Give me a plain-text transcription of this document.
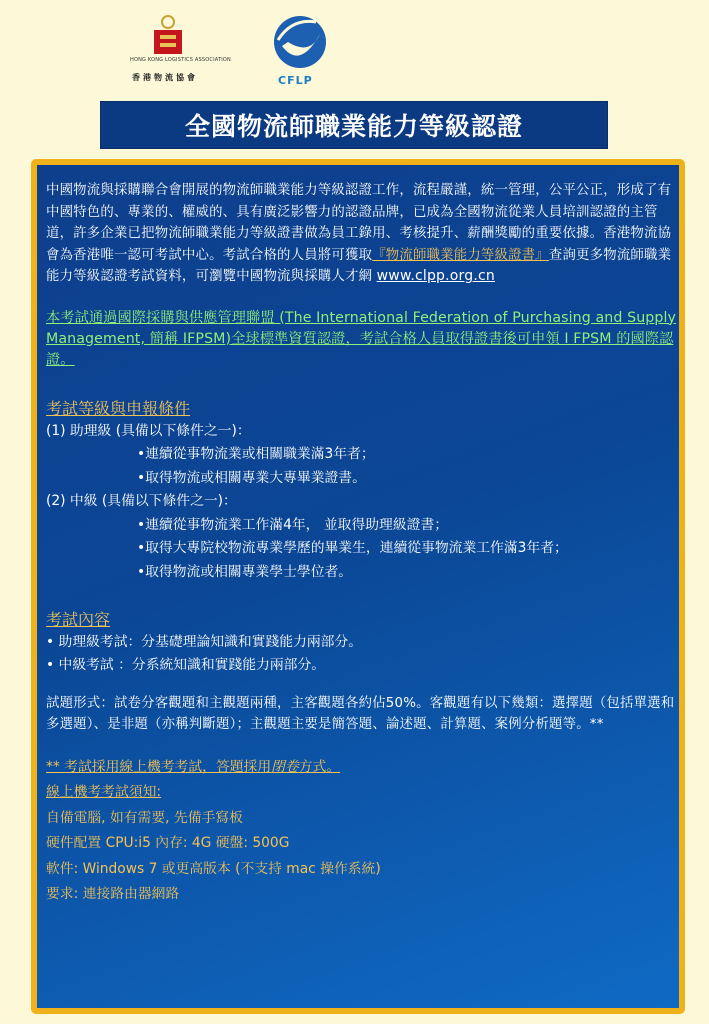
HONG KONG LOGISTICS ASSOCIATION
香港物流協會	CFLP
全國物流師職業能力等級認證

中國物流與採購聯合會開展的物流師職業能力等級認證工作，流程嚴謹，統一管理，公平公正，形成了有中國特色的、專業的、權威的、具有廣泛影響力的認證品牌，已成為全國物流從業人員培訓認證的主管道，許多企業已把物流師職業能力等級證書做為員工錄用、考核提升、薪酬獎勵的重要依據。香港物流協會為香港唯一認可考試中心。考試合格的人員將可獲取『物流師職業能力等級證書』查詢更多物流師職業能力等級認證考試資料，可瀏覽中國物流與採購人才網 www.clpp.org.cn

本考試通過國際採購與供應管理聯盟 (The International Federation of Purchasing and Supply Management, 簡稱 IFPSM)全球標準資質認證，考試合格人員取得證書後可申領 I FPSM 的國際認證。
考試等級與申報條件
(1) 助理級 (具備以下條件之一)：
•連續從事物流業或相關職業滿3年者；
•取得物流或相關專業大專畢業證書。
(2) 中級 (具備以下條件之一)：
•連續從事物流業工作滿4年， 並取得助理級證書；
•取得大專院校物流專業學歷的畢業生，連續從事物流業工作滿3年者；
•取得物流或相關專業學士學位者。
考試內容
• 助理級考試：分基礎理論知識和實踐能力兩部分。
• 中級考試 ：分系統知識和實踐能力兩部分。
試題形式：試卷分客觀題和主觀題兩種，主客觀題各約佔50%。客觀題有以下幾類：選擇題（包括單選和多選題）、是非題（亦稱判斷題）；主觀題主要是簡答題、論述題、計算題、案例分析題等。**
** 考試採用線上機考考試，答題採用閉卷方式。
線上機考考試須知:
自備電腦, 如有需要, 先備手寫板
硬件配置 CPU:i5 內存: 4G 硬盤: 500G
軟件: Windows 7 或更高版本 (不支持 mac 操作系統)
要求: 連接路由器網路
